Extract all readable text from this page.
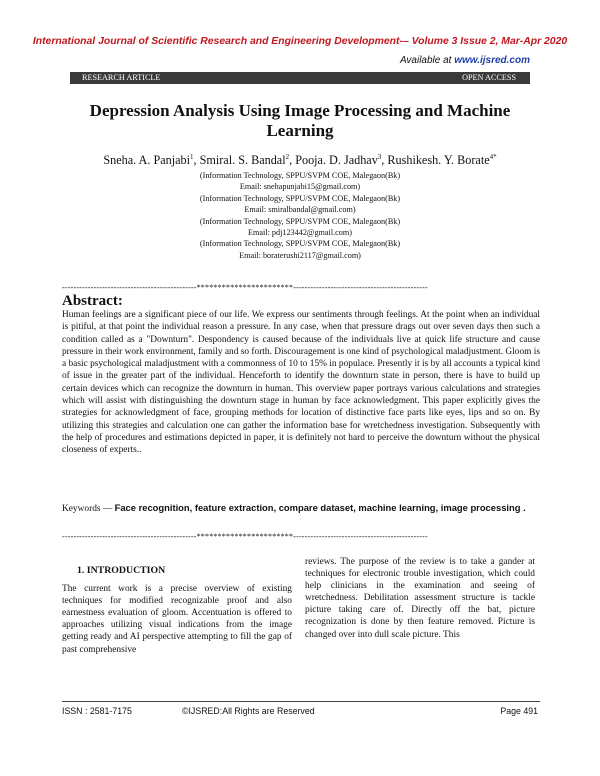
International Journal of Scientific Research and Engineering Development-– Volume 3 Issue 2, Mar-Apr 2020
Available at www.ijsred.com
RESEARCH ARTICLE	OPEN ACCESS
Depression Analysis Using Image Processing and Machine Learning
Sneha. A. Panjabi$^1$, Smiral. S. Bandal$^2$, Pooja. D. Jadhav$^3$, Rushikesh. Y. Borate$^{4*}$
(Information Technology, SPPU/SVPM COE, Malegaon(Bk)
Email: snehapunjabi15@gmail.com)
(Information Technology, SPPU/SVPM COE, Malegaon(Bk)
Email: smiralbandal@gmail.com)
(Information Technology, SPPU/SVPM COE, Malegaon(Bk)
Email: pdj123442@gmail.com)
(Information Technology, SPPU/SVPM COE, Malegaon(Bk)
Email: boraterushi2117@gmail.com)
-----------------------------------------------***********************-----------------------------------------------
Abstract:

Human feelings are a significant piece of our life. We express our sentiments through feelings. At the point when an individual is pitiful, at that point the individual reason a pressure. In any case, when that pressure drags out over seven days then such a condition called as a "Downturn". Despondency is caused because of the individuals live at quick life structure and cause pressure in their work environment, family and so forth. Discouragement is one kind of psychological maladjustment. Gloom is a basic psychological maladjustment with a commonness of 10 to 15% in populace. Presently it is by all accounts a typical kind of issue in the greater part of the individual. Henceforth to identify the downturn state in person, there is have to build up certain devices which can recognize the downturn in human. This overview paper portrays various calculations and strategies which will assist with distinguishing the downturn stage in human by face acknowledgment. This paper explicitly gives the strategies for acknowledgment of face, grouping methods for location of distinctive face parts like eyes, lips and so on. By utilizing this strategies and calculation one can gather the information base for wretchedness investigation. Subsequently with the help of procedures and estimations depicted in paper, it is definitely not hard to perceive the downturn without the physical closeness of experts..

Keywords — Face recognition, feature extraction, compare dataset, machine learning, image processing .
-----------------------------------------------***********************-----------------------------------------------
1. INTRODUCTION

The current work is a precise overview of existing techniques for modified recognizable proof and also earnestness evaluation of gloom. Accentuation is offered to approaches utilizing visual indications from the image getting ready and AI perspective attempting to fill the gap of past comprehensive

reviews. The purpose of the review is to take a gander at techniques for electronic trouble investigation, which could help clinicians in the examination and seeing of wretchedness. Debilitation assessment structure is tackle picture taking care of. Directly off the bat, picture recognization is done by then feature removed. Picture is changed over into dull scale picture. This

ISSN : 2581-7175	©IJSRED:All Rights are Reserved	Page 491
